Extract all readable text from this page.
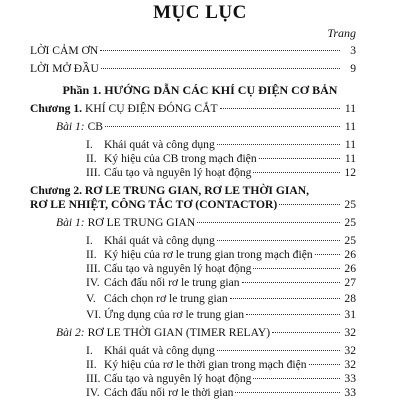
MỤC LỤC
Trang
LỜI CẢM ƠN	3
LỜI MỞ ĐẦU	9
Phần 1. HƯỚNG DẪN CÁC KHÍ CỤ ĐIỆN CƠ BẢN
Chương 1. KHÍ CỤ ĐIỆN ĐÓNG CẮT	11
Bài 1: CB	11
I. Khái quát và công dụng	11
II. Ký hiệu của CB trong mạch điện	11
III. Cấu tạo và nguyên lý hoạt động	12
Chương 2. RƠ LE TRUNG GIAN, RƠ LE THỜI GIAN,
RƠ LE NHIỆT, CÔNG TẮC TƠ (CONTACTOR)	25
Bài 1: RƠ LE TRUNG GIAN	25
I. Khái quát và công dụng	25
II. Ký hiệu của rơ le trung gian trong mạch điện	26
III. Cấu tạo và nguyên lý hoạt động	26
IV. Cách đấu nối rơ le trung gian	27
V. Cách chọn rơ le trung gian	28
VI. Ứng dụng của rơ le trung gian	31
Bài 2: RƠ LE THỜI GIAN (TIMER RELAY)	32
I. Khái quát và công dụng	32
II. Ký hiệu của rơ le thời gian trong mạch điện	32
III. Cấu tạo và nguyên lý hoạt động	33
IV. Cách đấu nối rơ le thời gian	33
